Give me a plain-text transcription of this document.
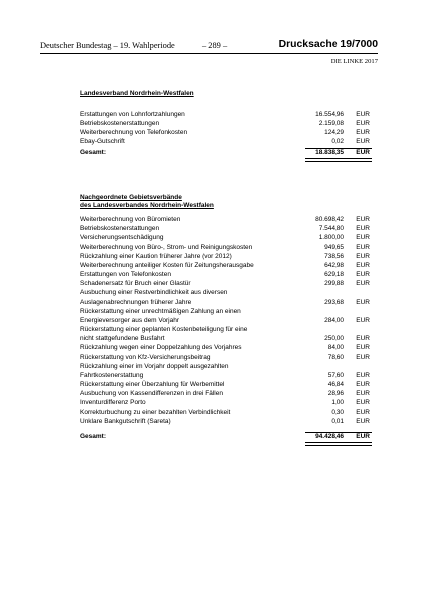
Deutscher Bundestag – 19. Wahlperiode	– 289 –	Drucksache 19/7000
DIE LINKE 2017
Landesverband Nordrhein-Westfalen
Erstattungen von Lohnfortzahlungen	16.554,96 EUR
Betriebskostenerstattungen	2.159,08 EUR
Weiterberechnung von Telefonkosten	124,29 EUR
Ebay-Gutschrift	0,02 EUR
Gesamt:	18.838,35 EUR
Nachgeordnete Gebietsverbände
des Landesverbandes Nordrhein-Westfalen
Weiterberechnung von Büromieten	80.698,42 EUR
Betriebskostenerstattungen	7.544,80 EUR
Versicherungsentschädigung	1.800,00 EUR
Weiterberechnung von Büro-, Strom- und Reinigungskosten	949,65 EUR
Rückzahlung einer Kaution früherer Jahre (vor 2012)	738,56 EUR
Weiterberechnung anteiliger Kosten für Zeitungsherausgabe	642,98 EUR
Erstattungen von Telefonkosten	629,18 EUR
Schadenersatz für Bruch einer Glastür	299,88 EUR
Ausbuchung einer Restverbindlichkeit aus diversen
Auslagenabrechnungen früherer Jahre	293,68 EUR
Rückerstattung einer unrechtmäßigen Zahlung an einen
Energieversorger aus dem Vorjahr	284,00 EUR
Rückerstattung einer geplanten Kostenbeteiligung für eine
nicht stattgefundene Busfahrt	250,00 EUR
Rückzahlung wegen einer Doppelzahlung des Vorjahres	84,00 EUR
Rückerstattung von Kfz-Versicherungsbeitrag	78,60 EUR
Rückzahlung einer im Vorjahr doppelt ausgezahlten
Fahrtkostenerstattung	57,60 EUR
Rückerstattung einer Überzahlung für Werbemittel	46,84 EUR
Ausbuchung von Kassendifferenzen in drei Fällen	28,96 EUR
Inventurdifferenz Porto	1,00 EUR
Korrekturbuchung zu einer bezahlten Verbindlichkeit	0,30 EUR
Unklare Bankgutschrift (Sareta)	0,01 EUR
Gesamt:	94.428,46 EUR
